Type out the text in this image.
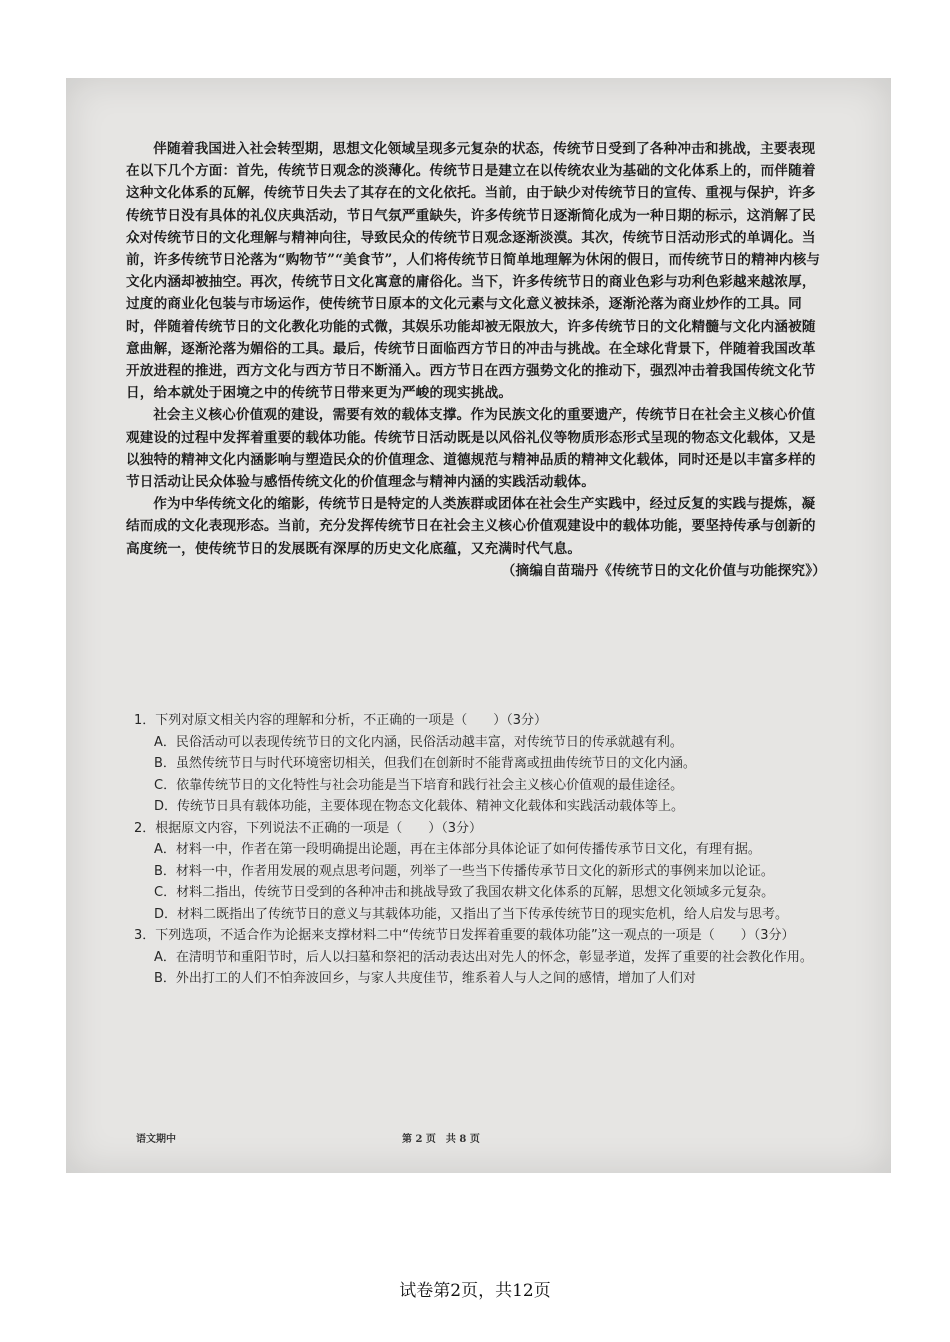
伴随着我国进入社会转型期，思想文化领域呈现多元复杂的状态，传统节日受到了各种冲击和挑战，主要表现在以下几个方面：首先，传统节日观念的淡薄化。传统节日是建立在以传统农业为基础的文化体系上的，而伴随着这种文化体系的瓦解，传统节日失去了其存在的文化依托。当前，由于缺少对传统节日的宣传、重视与保护，许多传统节日没有具体的礼仪庆典活动，节日气氛严重缺失，许多传统节日逐渐简化成为一种日期的标示，这消解了民众对传统节日的文化理解与精神向往，导致民众的传统节日观念逐渐淡漠。其次，传统节日活动形式的单调化。当前，许多传统节日沦落为“购物节”“美食节”，人们将传统节日简单地理解为休闲的假日，而传统节日的精神内核与文化内涵却被抽空。再次，传统节日文化寓意的庸俗化。当下，许多传统节日的商业色彩与功利色彩越来越浓厚，过度的商业化包装与市场运作，使传统节日原本的文化元素与文化意义被抹杀，逐渐沦落为商业炒作的工具。同时，伴随着传统节日的文化教化功能的式微，其娱乐功能却被无限放大，许多传统节日的文化精髓与文化内涵被随意曲解，逐渐沦落为媚俗的工具。最后，传统节日面临西方节日的冲击与挑战。在全球化背景下，伴随着我国改革开放进程的推进，西方文化与西方节日不断涌入。西方节日在西方强势文化的推动下，强烈冲击着我国传统文化节日，给本就处于困境之中的传统节日带来更为严峻的现实挑战。

社会主义核心价值观的建设，需要有效的载体支撑。作为民族文化的重要遗产，传统节日在社会主义核心价值观建设的过程中发挥着重要的载体功能。传统节日活动既是以风俗礼仪等物质形态形式呈现的物态文化载体，又是以独特的精神文化内涵影响与塑造民众的价值理念、道德规范与精神品质的精神文化载体，同时还是以丰富多样的节日活动让民众体验与感悟传统文化的价值理念与精神内涵的实践活动载体。

作为中华传统文化的缩影，传统节日是特定的人类族群或团体在社会生产实践中，经过反复的实践与提炼，凝结而成的文化表现形态。当前，充分发挥传统节日在社会主义核心价值观建设中的载体功能，要坚持传承与创新的高度统一，使传统节日的发展既有深厚的历史文化底蕴，又充满时代气息。

（摘编自苗瑞丹《传统节日的文化价值与功能探究》）

1．下列对原文相关内容的理解和分析，不正确的一项是（　　）（3分）

A．民俗活动可以表现传统节日的文化内涵，民俗活动越丰富，对传统节日的传承就越有利。

B．虽然传统节日与时代环境密切相关，但我们在创新时不能背离或扭曲传统节日的文化内涵。

C．依靠传统节日的文化特性与社会功能是当下培育和践行社会主义核心价值观的最佳途径。

D．传统节日具有载体功能，主要体现在物态文化载体、精神文化载体和实践活动载体等上。

2．根据原文内容，下列说法不正确的一项是（　　）（3分）

A．材料一中，作者在第一段明确提出论题，再在主体部分具体论证了如何传播传承节日文化，有理有据。

B．材料一中，作者用发展的观点思考问题，列举了一些当下传播传承节日文化的新形式的事例来加以论证。

C．材料二指出，传统节日受到的各种冲击和挑战导致了我国农耕文化体系的瓦解，思想文化领域多元复杂。

D．材料二既指出了传统节日的意义与其载体功能，又指出了当下传承传统节日的现实危机，给人启发与思考。

3．下列选项，不适合作为论据来支撑材料二中“传统节日发挥着重要的载体功能”这一观点的一项是（　　）（3分）

A．在清明节和重阳节时，后人以扫墓和祭祀的活动表达出对先人的怀念，彰显孝道，发挥了重要的社会教化作用。

B．外出打工的人们不怕奔波回乡，与家人共度佳节，维系着人与人之间的感情，增加了人们对

语文期中	第 2 页　共 8 页
试卷第2页，共12页
